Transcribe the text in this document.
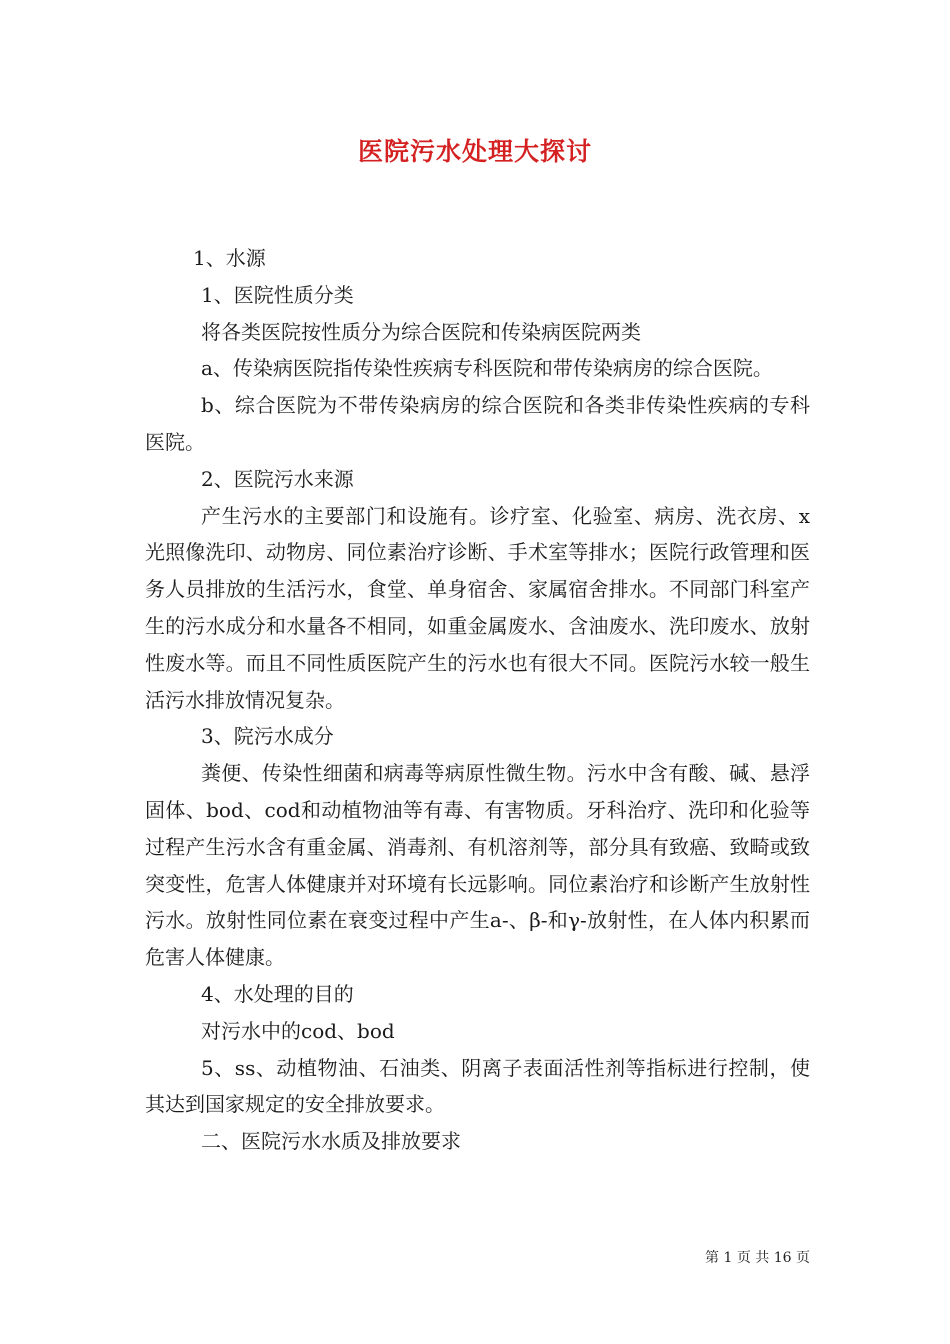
医院污水处理大探讨

1、水源

1、医院性质分类

将各类医院按性质分为综合医院和传染病医院两类

a、传染病医院指传染性疾病专科医院和带传染病房的综合医院。

b、综合医院为不带传染病房的综合医院和各类非传染性疾病的专科医院。

2、医院污水来源

产生污水的主要部门和设施有。诊疗室、化验室、病房、洗衣房、x光照像洗印、动物房、同位素治疗诊断、手术室等排水；医院行政管理和医务人员排放的生活污水，食堂、单身宿舍、家属宿舍排水。不同部门科室产生的污水成分和水量各不相同，如重金属废水、含油废水、洗印废水、放射性废水等。而且不同性质医院产生的污水也有很大不同。医院污水较一般生活污水排放情况复杂。

3、院污水成分

粪便、传染性细菌和病毒等病原性微生物。污水中含有酸、碱、悬浮固体、bod、cod和动植物油等有毒、有害物质。牙科治疗、洗印和化验等过程产生污水含有重金属、消毒剂、有机溶剂等，部分具有致癌、致畸或致突变性，危害人体健康并对环境有长远影响。同位素治疗和诊断产生放射性污水。放射性同位素在衰变过程中产生a-、β-和γ-放射性，在人体内积累而危害人体健康。

4、水处理的目的

对污水中的cod、bod

5、ss、动植物油、石油类、阴离子表面活性剂等指标进行控制，使其达到国家规定的安全排放要求。

二、医院污水水质及排放要求

第 1 页 共 16 页
